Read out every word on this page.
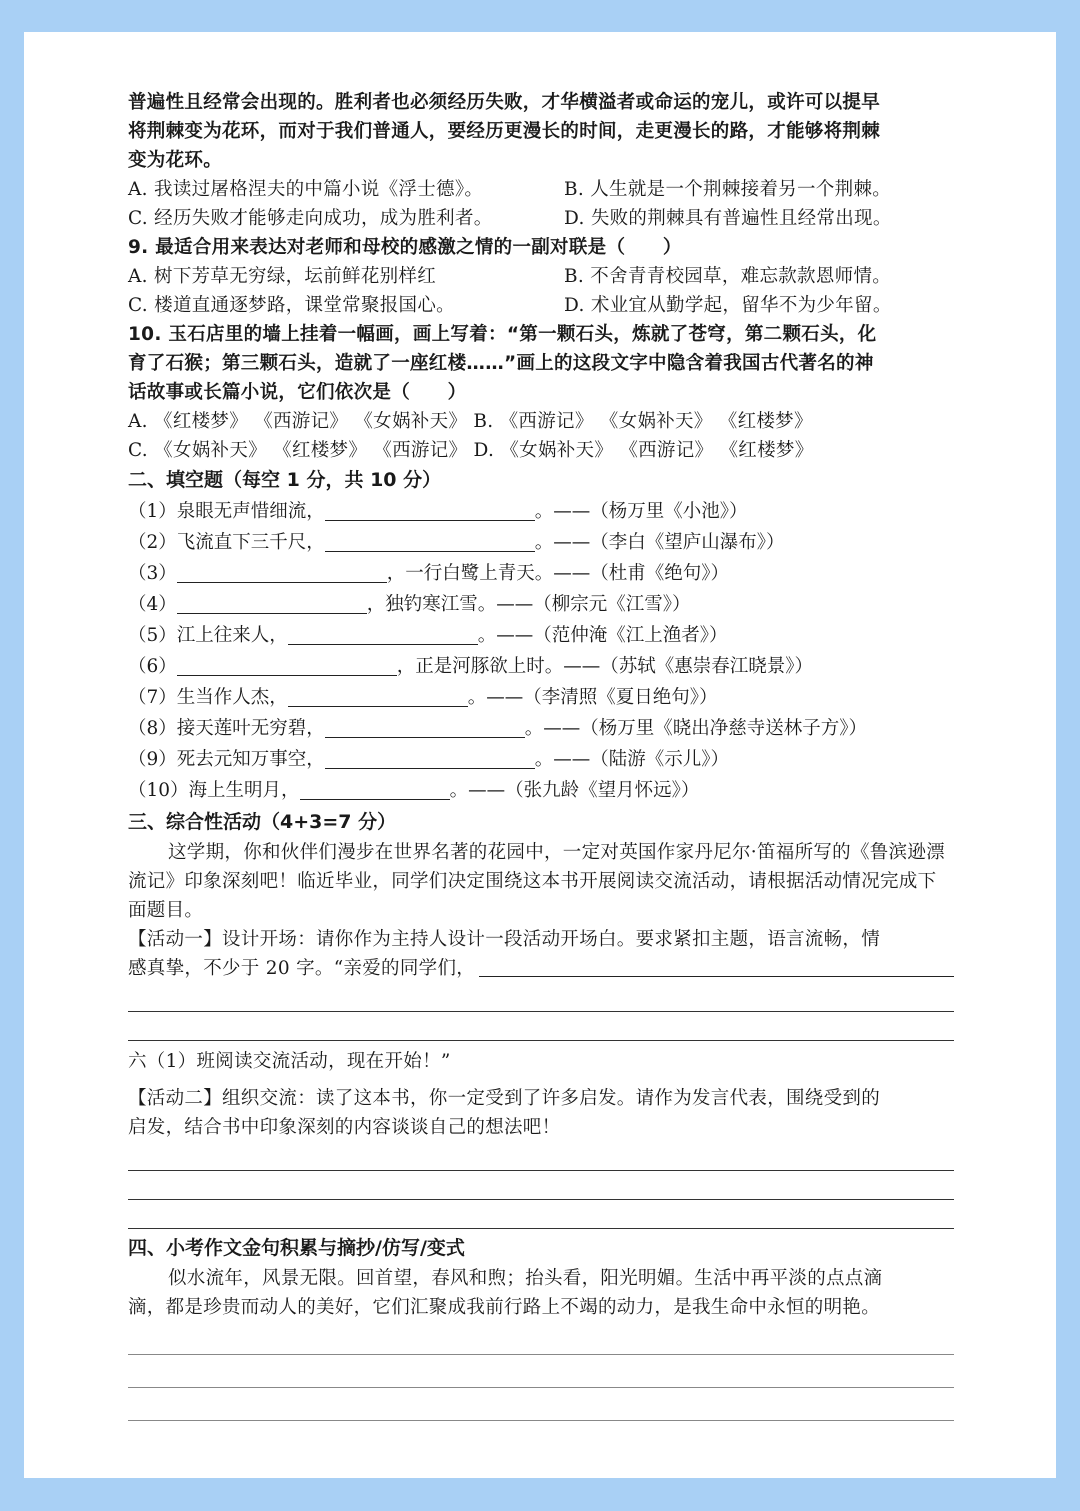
普遍性且经常会出现的。胜利者也必须经历失败，才华横溢者或命运的宠儿，或许可以提早
将荆棘变为花环，而对于我们普通人，要经历更漫长的时间，走更漫长的路，才能够将荆棘
变为花环。
A. 我读过屠格涅夫的中篇小说《浮士德》。	B. 人生就是一个荆棘接着另一个荆棘。
C. 经历失败才能够走向成功，成为胜利者。	D. 失败的荆棘具有普遍性且经常出现。
9. 最适合用来表达对老师和母校的感激之情的一副对联是（　　）
A. 树下芳草无穷绿，坛前鲜花别样红	B. 不舍青青校园草，难忘款款恩师情。
C. 楼道直通逐梦路，课堂常聚报国心。	D. 术业宜从勤学起，留华不为少年留。
10. 玉石店里的墙上挂着一幅画，画上写着：“第一颗石头，炼就了苍穹，第二颗石头，化
育了石猴；第三颗石头，造就了一座红楼……”画上的这段文字中隐含着我国古代著名的神
话故事或长篇小说，它们依次是（　　）
A. 《红楼梦》 《西游记》 《女娲补天》 B. 《西游记》 《女娲补天》 《红楼梦》
C. 《女娲补天》 《红楼梦》 《西游记》 D. 《女娲补天》 《西游记》 《红楼梦》
二、填空题（每空 1 分，共 10 分）
（1）泉眼无声惜细流，	。——（杨万里《小池》）
（2）飞流直下三千尺，	。——（李白《望庐山瀑布》）
（3）	，一行白鹭上青天。——（杜甫《绝句》）
（4）	，独钓寒江雪。——（柳宗元《江雪》）
（5）江上往来人，	。——（范仲淹《江上渔者》）
（6）	，正是河豚欲上时。——（苏轼《惠崇春江晓景》）
（7）生当作人杰，	。——（李清照《夏日绝句》）
（8）接天莲叶无穷碧，	。——（杨万里《晓出净慈寺送林子方》）
（9）死去元知万事空，	。——（陆游《示儿》）
（10）海上生明月，	。——（张九龄《望月怀远》）
三、综合性活动（4+3=7 分）
这学期，你和伙伴们漫步在世界名著的花园中，一定对英国作家丹尼尔·笛福所写的《鲁滨逊漂流记》印象深刻吧！临近毕业，同学们决定围绕这本书开展阅读交流活动，请根据活动情况完成下面题目。
【活动一】设计开场：请你作为主持人设计一段活动开场白。要求紧扣主题，语言流畅，情
感真挚，不少于 20 字。“亲爱的同学们，
六（1）班阅读交流活动，现在开始！”
【活动二】组织交流：读了这本书，你一定受到了许多启发。请作为发言代表，围绕受到的
启发，结合书中印象深刻的内容谈谈自己的想法吧！
四、小考作文金句积累与摘抄/仿写/变式
似水流年，风景无限。回首望，春风和煦；抬头看，阳光明媚。生活中再平淡的点点滴
滴，都是珍贵而动人的美好，它们汇聚成我前行路上不竭的动力，是我生命中永恒的明艳。
